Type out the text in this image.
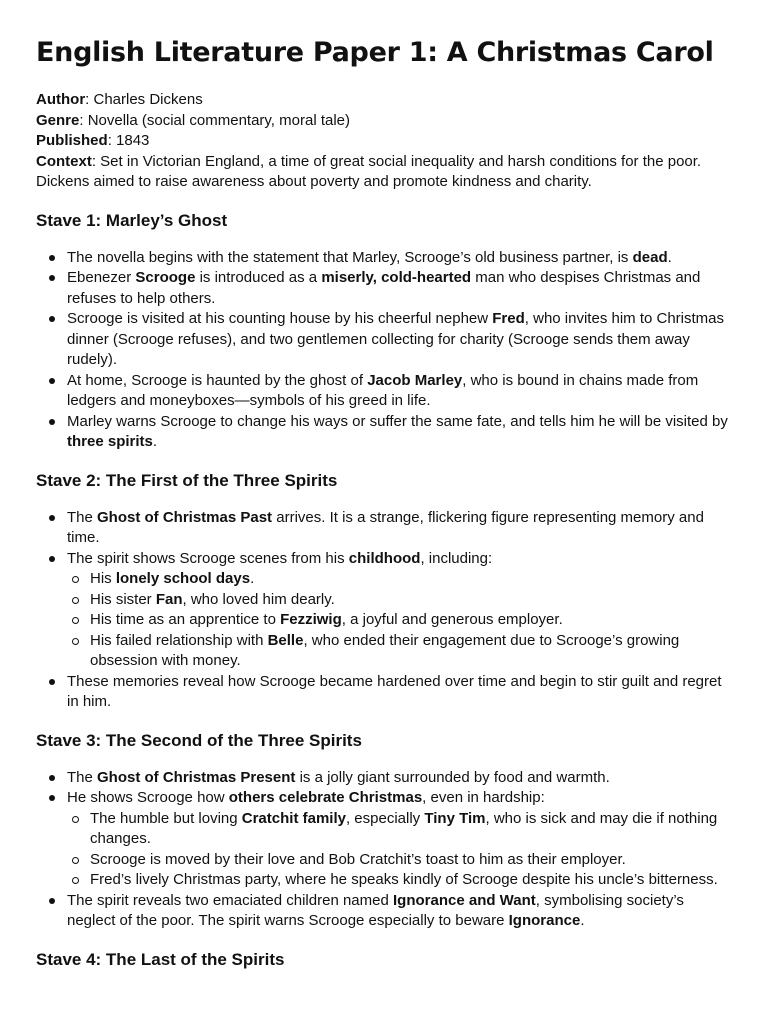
English Literature Paper 1: A Christmas Carol

Author: Charles Dickens

Genre: Novella (social commentary, moral tale)

Published: 1843

Context: Set in Victorian England, a time of great social inequality and harsh conditions for the poor. Dickens aimed to raise awareness about poverty and promote kindness and charity.

Stave 1: Marley’s Ghost
The novella begins with the statement that Marley, Scrooge’s old business partner, is dead.
Ebenezer Scrooge is introduced as a miserly, cold-hearted man who despises Christmas and refuses to help others.
Scrooge is visited at his counting house by his cheerful nephew Fred, who invites him to Christmas dinner (Scrooge refuses), and two gentlemen collecting for charity (Scrooge sends them away rudely).
At home, Scrooge is haunted by the ghost of Jacob Marley, who is bound in chains made from ledgers and moneyboxes—symbols of his greed in life.
Marley warns Scrooge to change his ways or suffer the same fate, and tells him he will be visited by three spirits.
Stave 2: The First of the Three Spirits
The Ghost of Christmas Past arrives. It is a strange, flickering figure representing memory and time.
The spirit shows Scrooge scenes from his childhood, including:
His lonely school days.
His sister Fan, who loved him dearly.
His time as an apprentice to Fezziwig, a joyful and generous employer.
His failed relationship with Belle, who ended their engagement due to Scrooge’s growing obsession with money.
These memories reveal how Scrooge became hardened over time and begin to stir guilt and regret in him.
Stave 3: The Second of the Three Spirits
The Ghost of Christmas Present is a jolly giant surrounded by food and warmth.
He shows Scrooge how others celebrate Christmas, even in hardship:
The humble but loving Cratchit family, especially Tiny Tim, who is sick and may die if nothing changes.
Scrooge is moved by their love and Bob Cratchit’s toast to him as their employer.
Fred’s lively Christmas party, where he speaks kindly of Scrooge despite his uncle’s bitterness.
The spirit reveals two emaciated children named Ignorance and Want, symbolising society’s neglect of the poor. The spirit warns Scrooge especially to beware Ignorance.
Stave 4: The Last of the Spirits
